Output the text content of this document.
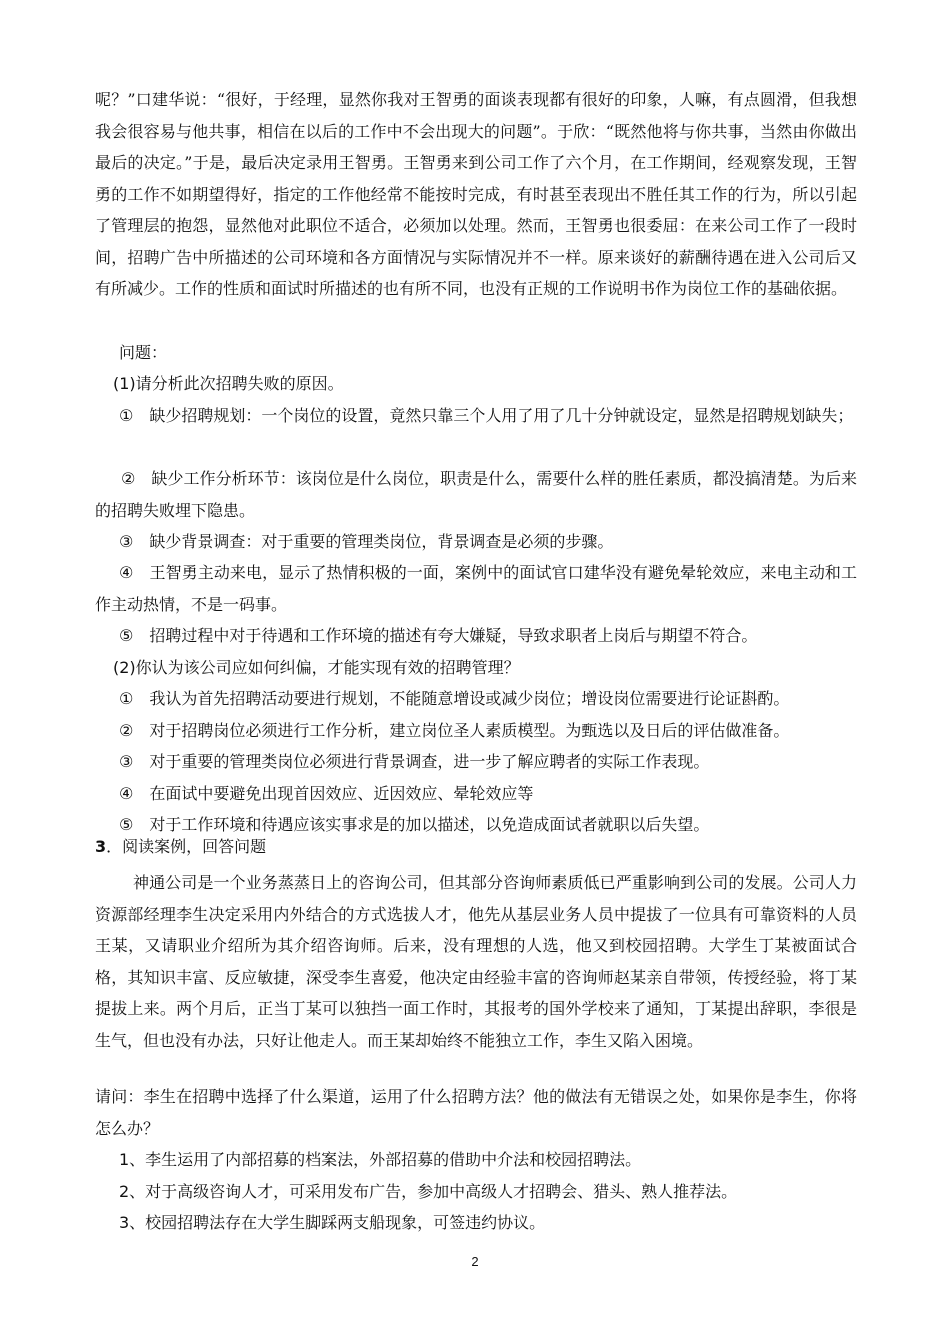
呢？”口建华说：“很好，于经理，显然你我对王智勇的面谈表现都有很好的印象，人嘛，有点圆滑，但我想我会很容易与他共事，相信在以后的工作中不会出现大的问题”。于欣：“既然他将与你共事，当然由你做出最后的决定。”于是，最后决定录用王智勇。王智勇来到公司工作了六个月，在工作期间，经观察发现，王智勇的工作不如期望得好，指定的工作他经常不能按时完成，有时甚至表现出不胜任其工作的行为，所以引起了管理层的抱怨，显然他对此职位不适合，必须加以处理。然而，王智勇也很委屈：在来公司工作了一段时间，招聘广告中所描述的公司环境和各方面情况与实际情况并不一样。原来谈好的薪酬待遇在进入公司后又有所减少。工作的性质和面试时所描述的也有所不同，也没有正规的工作说明书作为岗位工作的基础依据。

问题：

(1)请分析此次招聘失败的原因。

①　缺少招聘规划：一个岗位的设置，竟然只靠三个人用了用了几十分钟就设定，显然是招聘规划缺失；

②　缺少工作分析环节：该岗位是什么岗位，职责是什么，需要什么样的胜任素质，都没搞清楚。为后来的招聘失败埋下隐患。

③　缺少背景调查：对于重要的管理类岗位，背景调查是必须的步骤。

④　王智勇主动来电，显示了热情积极的一面，案例中的面试官口建华没有避免晕轮效应，来电主动和工作主动热情，不是一码事。

⑤　招聘过程中对于待遇和工作环境的描述有夸大嫌疑，导致求职者上岗后与期望不符合。

(2)你认为该公司应如何纠偏，才能实现有效的招聘管理？

①　我认为首先招聘活动要进行规划，不能随意增设或减少岗位；增设岗位需要进行论证斟酌。

②　对于招聘岗位必须进行工作分析，建立岗位圣人素质模型。为甄选以及日后的评估做准备。

③　对于重要的管理类岗位必须进行背景调查，进一步了解应聘者的实际工作表现。

④　在面试中要避免出现首因效应、近因效应、晕轮效应等

⑤　对于工作环境和待遇应该实事求是的加以描述，以免造成面试者就职以后失望。

3．阅读案例，回答问题

神通公司是一个业务蒸蒸日上的咨询公司，但其部分咨询师素质低已严重影响到公司的发展。公司人力资源部经理李生决定采用内外结合的方式选拔人才，他先从基层业务人员中提拔了一位具有可靠资料的人员王某，又请职业介绍所为其介绍咨询师。后来，没有理想的人选，他又到校园招聘。大学生丁某被面试合格，其知识丰富、反应敏捷，深受李生喜爱，他决定由经验丰富的咨询师赵某亲自带领，传授经验，将丁某提拔上来。两个月后，正当丁某可以独挡一面工作时，其报考的国外学校来了通知，丁某提出辞职，李很是生气，但也没有办法，只好让他走人。而王某却始终不能独立工作，李生又陷入困境。

请问：李生在招聘中选择了什么渠道，运用了什么招聘方法？他的做法有无错误之处，如果你是李生，你将怎么办？

1、李生运用了内部招募的档案法，外部招募的借助中介法和校园招聘法。

2、对于高级咨询人才，可采用发布广告，参加中高级人才招聘会、猎头、熟人推荐法。

3、校园招聘法存在大学生脚踩两支船现象，可签违约协议。

2
